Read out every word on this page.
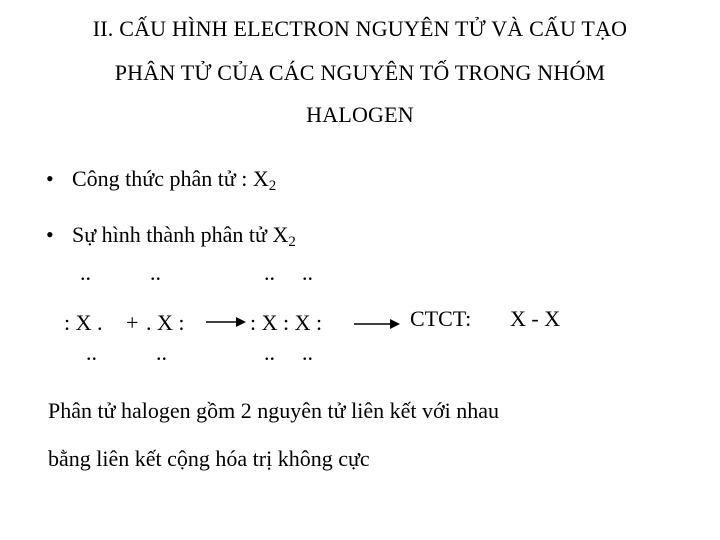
II. CẤU HÌNH ELECTRON NGUYÊN TỬ VÀ CẤU TẠO
PHÂN TỬ CỦA CÁC NGUYÊN TỐ TRONG NHÓM
HALOGEN
• Công thức phân tử : $X_2$
• Sự hình thành phân tử $X_2$
..	..	.. ..
: X . + . X : → : X : X :	CTCT: X - X
..	..	.. ..
Phân tử halogen gồm 2 nguyên tử liên kết với nhau
bằng liên kết cộng hóa trị không cực
